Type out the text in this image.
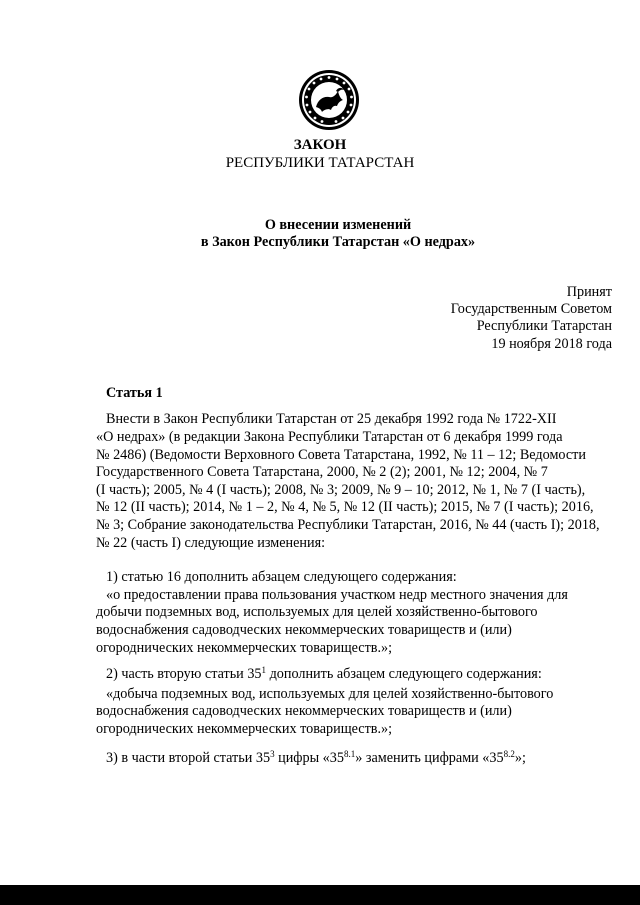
ЗАКОН
РЕСПУБЛИКИ ТАТАРСТАН
О внесении изменений
в Закон Республики Татарстан «О недрах»
Принят
Государственным Советом
Республики Татарстан
19 ноября 2018 года
Статья 1
Внести в Закон Республики Татарстан от 25 декабря 1992 года № 1722-XII
«О недрах» (в редакции Закона Республики Татарстан от 6 декабря 1999 года
№ 2486) (Ведомости Верховного Совета Татарстана, 1992, № 11 – 12; Ведомости
Государственного Совета Татарстана, 2000, № 2 (2); 2001, № 12; 2004, № 7
(I часть); 2005, № 4 (I часть); 2008, № 3; 2009, № 9 – 10; 2012, № 1, № 7 (I часть),
№ 12 (II часть); 2014, № 1 – 2, № 4, № 5, № 12 (II часть); 2015, № 7 (I часть); 2016,
№ 3; Собрание законодательства Республики Татарстан, 2016, № 44 (часть I); 2018,
№ 22 (часть I) следующие изменения:
1) статью 16 дополнить абзацем следующего содержания:
«о предоставлении права пользования участком недр местного значения для
добычи подземных вод, используемых для целей хозяйственно-бытового
водоснабжения садоводческих некоммерческих товариществ и (или)
огороднических некоммерческих товариществ.»;
2) часть вторую статьи $35^1$ дополнить абзацем следующего содержания:
«добыча подземных вод, используемых для целей хозяйственно-бытового
водоснабжения садоводческих некоммерческих товариществ и (или)
огороднических некоммерческих товариществ.»;
3) в части второй статьи $35^3$ цифры «$35^{8.1}$» заменить цифрами «$35^{8.2}$»;
